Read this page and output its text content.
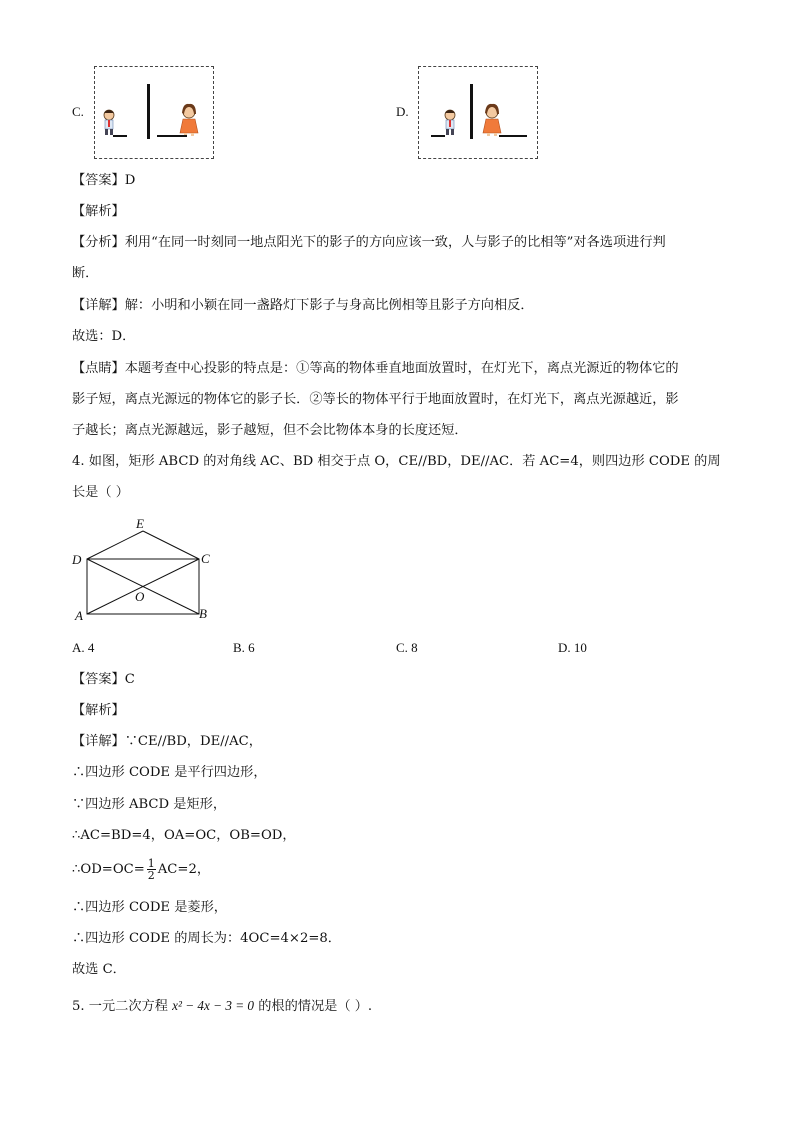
C.	D.
【答案】D
【解析】
【分析】利用“在同一时刻同一地点阳光下的影子的方向应该一致，人与影子的比相等”对各选项进行判
断．
【详解】解：小明和小颖在同一盏路灯下影子与身高比例相等且影子方向相反．
故选：D．
【点睛】本题考查中心投影的特点是：①等高的物体垂直地面放置时，在灯光下，离点光源近的物体它的
影子短，离点光源远的物体它的影子长．②等长的物体平行于地面放置时，在灯光下，离点光源越近，影
子越长；离点光源越远，影子越短，但不会比物体本身的长度还短．
4. 如图，矩形 ABCD 的对角线 AC、BD 相交于点 O，CE//BD，DE//AC．若 AC=4，则四边形 CODE 的周
长是（ ）
E
D	C
O
A	B
A. 4	B. 6	C. 8	D. 10
【答案】C
【解析】
【详解】∵CE//BD，DE//AC，
∴四边形 CODE 是平行四边形，
∵四边形 ABCD 是矩形，
∴AC=BD=4，OA=OC，OB=OD，
∴OD=OC= $\frac{1}{2} AC=2$，
∴四边形 CODE 是菱形，
∴四边形 CODE 的周长为：4OC=4×2=8．
故选 C．
5. 一元二次方程 x² − 4x − 3 = 0 的根的情况是（ ）.
